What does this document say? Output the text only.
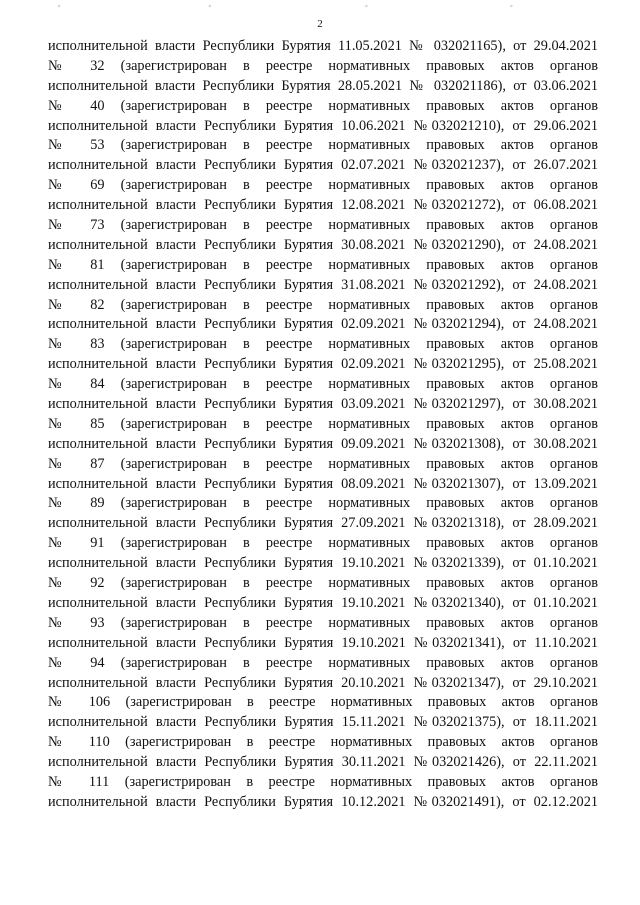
2
исполнительной власти Республики Бурятия 11.05.2021 № 032021165), от 29.04.2021
№ 32 (зарегистрирован в реестре нормативных правовых актов органов
исполнительной власти Республики Бурятия 28.05.2021 № 032021186), от 03.06.2021
№ 40 (зарегистрирован в реестре нормативных правовых актов органов
исполнительной власти Республики Бурятия 10.06.2021 №032021210), от 29.06.2021
№ 53 (зарегистрирован в реестре нормативных правовых актов органов
исполнительной власти Республики Бурятия 02.07.2021 №032021237), от 26.07.2021
№ 69 (зарегистрирован в реестре нормативных правовых актов органов
исполнительной власти Республики Бурятия 12.08.2021 №032021272), от 06.08.2021
№ 73 (зарегистрирован в реестре нормативных правовых актов органов
исполнительной власти Республики Бурятия 30.08.2021 №032021290), от 24.08.2021
№ 81 (зарегистрирован в реестре нормативных правовых актов органов
исполнительной власти Республики Бурятия 31.08.2021 №032021292), от 24.08.2021
№ 82 (зарегистрирован в реестре нормативных правовых актов органов
исполнительной власти Республики Бурятия 02.09.2021 №032021294), от 24.08.2021
№ 83 (зарегистрирован в реестре нормативных правовых актов органов
исполнительной власти Республики Бурятия 02.09.2021 №032021295), от 25.08.2021
№ 84 (зарегистрирован в реестре нормативных правовых актов органов
исполнительной власти Республики Бурятия 03.09.2021 №032021297), от 30.08.2021
№ 85 (зарегистрирован в реестре нормативных правовых актов органов
исполнительной власти Республики Бурятия 09.09.2021 №032021308), от 30.08.2021
№ 87 (зарегистрирован в реестре нормативных правовых актов органов
исполнительной власти Республики Бурятия 08.09.2021 №032021307), от 13.09.2021
№ 89 (зарегистрирован в реестре нормативных правовых актов органов
исполнительной власти Республики Бурятия 27.09.2021 №032021318), от 28.09.2021
№ 91 (зарегистрирован в реестре нормативных правовых актов органов
исполнительной власти Республики Бурятия 19.10.2021 №032021339), от 01.10.2021
№ 92 (зарегистрирован в реестре нормативных правовых актов органов
исполнительной власти Республики Бурятия 19.10.2021 №032021340), от 01.10.2021
№ 93 (зарегистрирован в реестре нормативных правовых актов органов
исполнительной власти Республики Бурятия 19.10.2021 №032021341), от 11.10.2021
№ 94 (зарегистрирован в реестре нормативных правовых актов органов
исполнительной власти Республики Бурятия 20.10.2021 №032021347), от 29.10.2021
№ 106 (зарегистрирован в реестре нормативных правовых актов органов
исполнительной власти Республики Бурятия 15.11.2021 №032021375), от 18.11.2021
№ 110 (зарегистрирован в реестре нормативных правовых актов органов
исполнительной власти Республики Бурятия 30.11.2021 №032021426), от 22.11.2021
№ 111 (зарегистрирован в реестре нормативных правовых актов органов
исполнительной власти Республики Бурятия 10.12.2021 №032021491), от 02.12.2021
